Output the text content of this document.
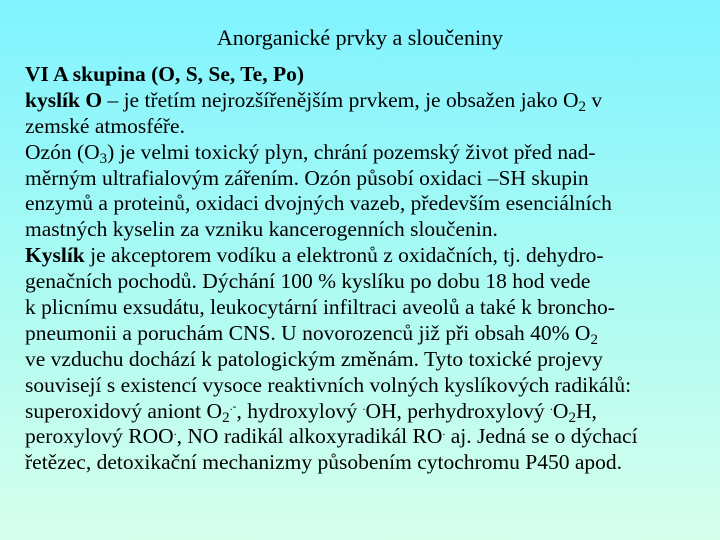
Anorganické prvky a sloučeniny
VI A skupina (O, S, Se, Te, Po)
kyslík O – je třetím nejrozšířenějším prvkem, je obsažen jako $O_2$ v
zemské atmosféře.
Ozón $(O_3)$ je velmi toxický plyn, chrání pozemský život před nad-
měrným ultrafialovým zářením. Ozón působí oxidaci –SH skupin
enzymů a proteinů, oxidaci dvojných vazeb, především esenciálních
mastných kyselin za vzniku kancerogenních sloučenin.
Kyslík je akceptorem vodíku a elektronů z oxidačních, tj. dehydro-
genačních pochodů. Dýchání 100 % kyslíku po dobu 18 hod vede
k plicnímu exsudátu, leukocytární infiltraci aveolů a také k broncho-
pneumonii a poruchám CNS. U novorozenců již při obsah 40% $O_2$
ve vzduchu dochází k patologickým změnám. Tyto toxické projevy
souvisejí s existencí vysoce reaktivních volných kyslíkových radikálů:
superoxidový aniont $O_2^{.-}$, hydroxylový .OH, perhydroxylový $^.O_2H$,
peroxylový ROO., NO radikál alkoxyradikál RO. aj. Jedná se o dýchací
řetězec, detoxikační mechanizmy působením cytochromu P450 apod.
